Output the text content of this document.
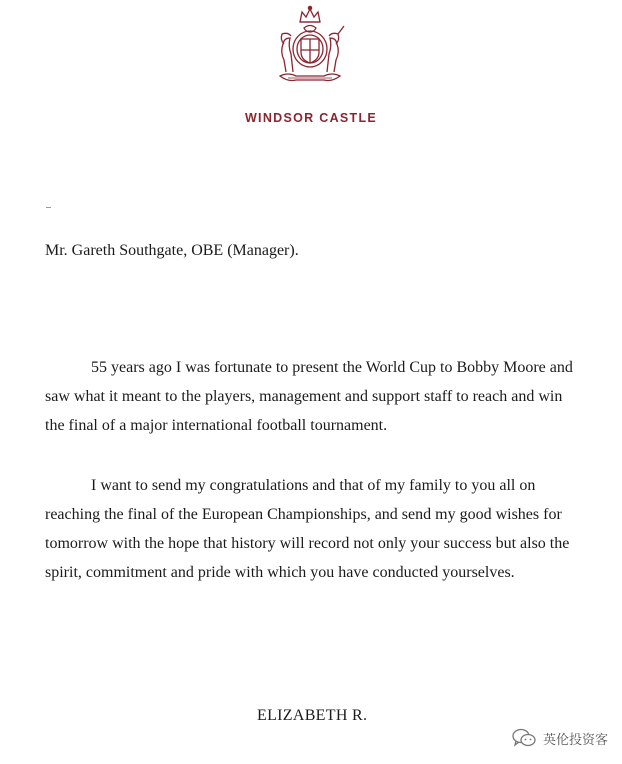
WINDSOR CASTLE
Mr. Gareth Southgate, OBE (Manager).

55 years ago I was fortunate to present the World Cup to Bobby Moore and saw what it meant to the players, management and support staff to reach and win the final of a major international football tournament.

I want to send my congratulations and that of my family to you all on reaching the final of the European Championships, and send my good wishes for tomorrow with the hope that history will record not only your success but also the spirit, commitment and pride with which you have conducted yourselves.

ELIZABETH R.
英伦投资客
